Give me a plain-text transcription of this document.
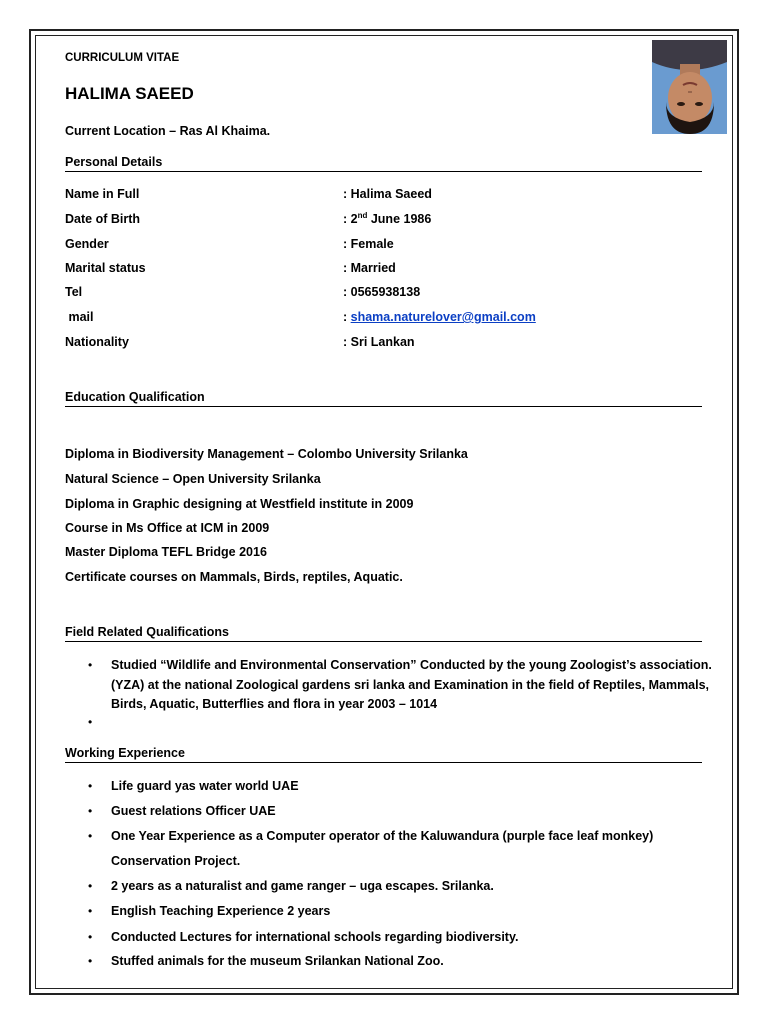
CURRICULUM VITAE
HALIMA SAEED
Current Location – Ras Al Khaima.
Personal Details
Name in Full	: Halima Saeed
Date of Birth	: 2nd June 1986
Gender	: Female
Marital status	: Married
Tel	: 0565938138
mail	: shama.naturelover@gmail.com
Nationality	: Sri Lankan
Education Qualification
Diploma in Biodiversity Management – Colombo University Srilanka
Natural Science – Open University Srilanka
Diploma in Graphic designing at Westfield institute in 2009
Course in Ms Office at ICM in 2009
Master Diploma TEFL Bridge 2016
Certificate courses on Mammals, Birds, reptiles, Aquatic.
Field Related Qualifications
• Studied “Wildlife and Environmental Conservation” Conducted by the young Zoologist’s association.
(YZA) at the national Zoological gardens sri lanka and Examination in the field of Reptiles, Mammals,
Birds, Aquatic, Butterflies and flora in year 2003 – 1014
•
Working Experience
• Life guard yas water world UAE
• Guest relations Officer UAE
• One Year Experience as a Computer operator of the Kaluwandura (purple face leaf monkey)
Conservation Project.
• 2 years as a naturalist and game ranger – uga escapes. Srilanka.
• English Teaching Experience 2 years
• Conducted Lectures for international schools regarding biodiversity.
• Stuffed animals for the museum Srilankan National Zoo.
